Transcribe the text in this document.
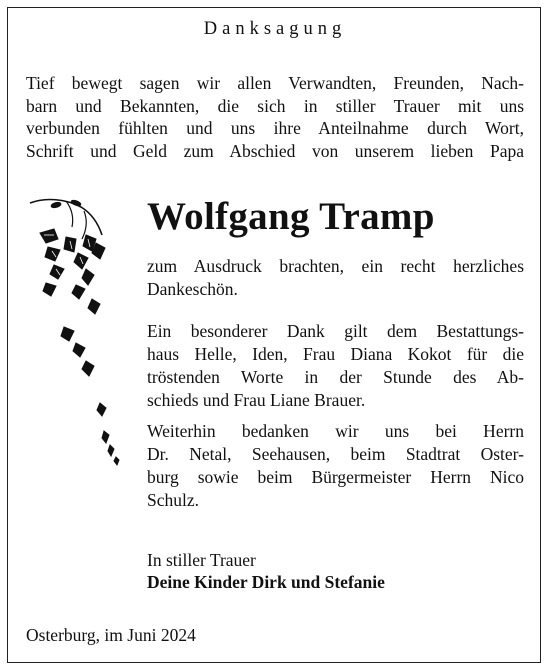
Danksagung
Tief bewegt sagen wir allen Verwandten, Freunden, Nach-
barn und Bekannten, die sich in stiller Trauer mit uns
verbunden fühlten und uns ihre Anteilnahme durch Wort,
Schrift und Geld zum Abschied von unserem lieben Papa
Wolfgang Tramp
zum Ausdruck brachten, ein recht herzliches
Dankeschön.
Ein besonderer Dank gilt dem Bestattungs-
haus Helle, Iden, Frau Diana Kokot für die
tröstenden Worte in der Stunde des Ab-
schieds und Frau Liane Brauer.
Weiterhin bedanken wir uns bei Herrn
Dr. Netal, Seehausen, beim Stadtrat Oster-
burg sowie beim Bürgermeister Herrn Nico
Schulz.
In stiller Trauer
Deine Kinder Dirk und Stefanie
Osterburg, im Juni 2024
